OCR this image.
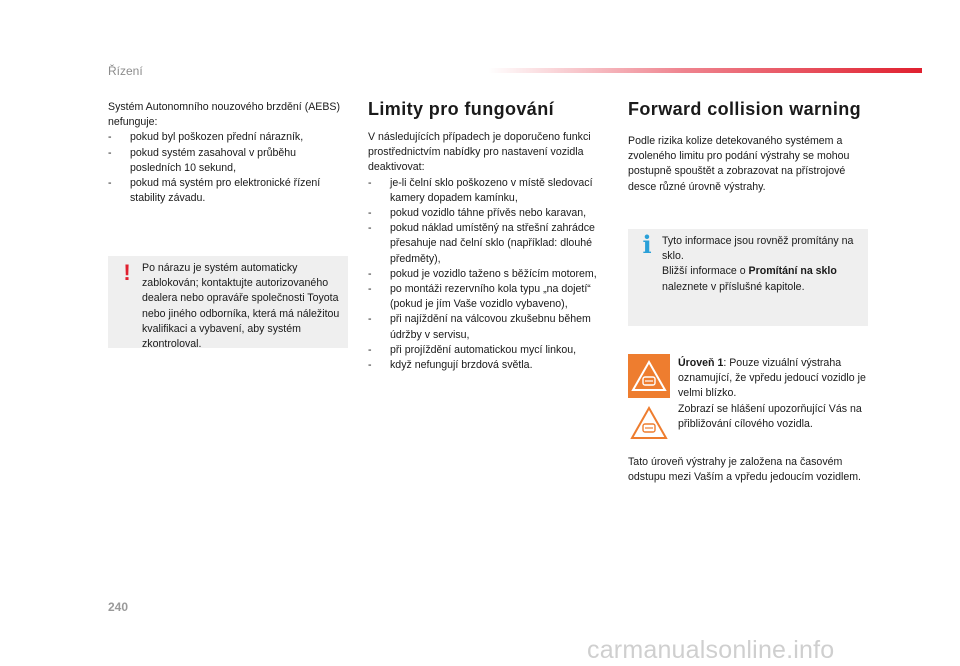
Řízení

Systém Autonomního nouzového brzdění (AEBS) nefunguje:

- pokud byl poškozen přední nárazník,
- pokud systém zasahoval v průběhu posledních 10 sekund,
- pokud má systém pro elektronické řízení stability závadu.
!	Po nárazu je systém automaticky zablokován; kontaktujte autorizovaného dealera nebo opraváře společnosti Toyota nebo jiného odborníka, která má náležitou kvalifikaci a vybavení, aby systém zkontroloval.
Limity pro fungování

V následujících případech je doporučeno funkci prostřednictvím nabídky pro nastavení vozidla deaktivovat:

- je-li čelní sklo poškozeno v místě sledovací kamery dopadem kamínku,
- pokud vozidlo táhne přívěs nebo karavan,
- pokud náklad umístěný na střešní zahrádce přesahuje nad čelní sklo (například: dlouhé předměty),
- pokud je vozidlo taženo s běžícím motorem,
- po montáži rezervního kola typu „na dojetí“ (pokud je jím Vaše vozidlo vybaveno),
- při najíždění na válcovou zkušebnu během údržby v servisu,
- při projíždění automatickou mycí linkou,
- když nefungují brzdová světla.
Forward collision warning

Podle rizika kolize detekovaného systémem a zvoleného limitu pro podání výstrahy se mohou postupně spouštět a zobrazovat na přístrojové desce různé úrovně výstrahy.

i Tyto informace jsou rovněž promítány na sklo.
Bližší informace o Promítání na sklo naleznete v příslušné kapitole.

Úroveň 1: Pouze vizuální výstraha oznamující, že vpředu jedoucí vozidlo je velmi blízko.

Zobrazí se hlášení upozorňující Vás na přibližování cílového vozidla.

Tato úroveň výstrahy je založena na časovém odstupu mezi Vaším a vpředu jedoucím vozidlem.
240
carmanualsonline.info
